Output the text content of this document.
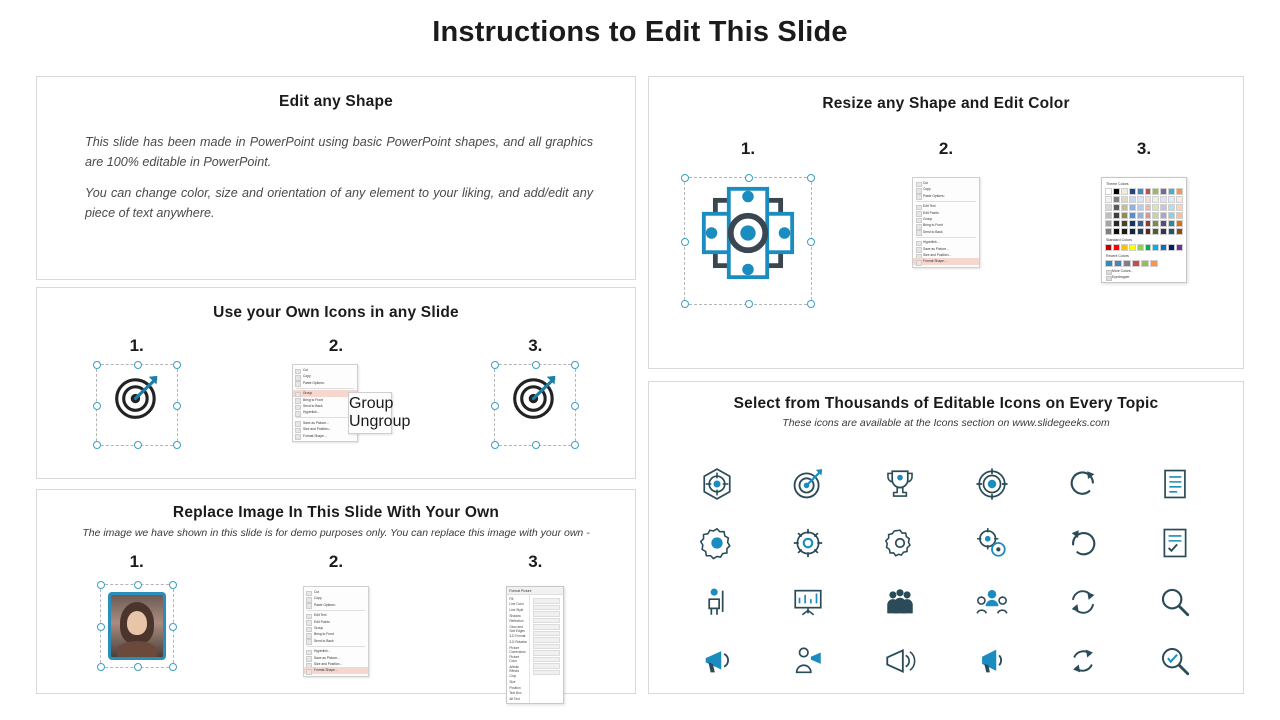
Instructions to Edit This Slide
Edit any Shape
This slide has been made in PowerPoint using basic PowerPoint shapes, and all graphics are 100% editable in PowerPoint.
You can change color, size and orientation of any element to your liking, and add/edit any piece of text anywhere.
Use your Own Icons in any Slide
1.	2.
Cut
Copy
Paste Options:
Group
Bring to Front
Send to Back
Hyperlink...
Save as Picture...
Size and Position...
Format Shape...
Group
Ungroup
3.
Replace Image In This Slide With Your Own
The image we have shown in this slide is for demo purposes only. You can replace this image with your own -
1.	2.
Cut
Copy
Paste Options:
Edit Text
Edit Points
Group
Bring to Front
Send to Back
Hyperlink...
Save as Picture...
Size and Position...
Format Shape...
3.
Format Picture
Fill
Line Color
Line Style
Shadow
Reflection
Glow and Soft Edges
3-D Format
3-D Rotation
Picture Corrections
Picture Color
Artistic Effects
Crop
Size
Position
Text Box
Alt Text
Resize any Shape and Edit Color
1.	2.
Cut
Copy
Paste Options:
Edit Text
Edit Points
Group
Bring to Front
Send to Back
Hyperlink...
Save as Picture...
Size and Position...
Format Shape...
3.
Theme Colors
Standard Colors
Recent Colors
More Colors...
Eyedropper
Select from Thousands of Editable Icons on Every Topic
These icons are available at the Icons section on www.slidegeeks.com
